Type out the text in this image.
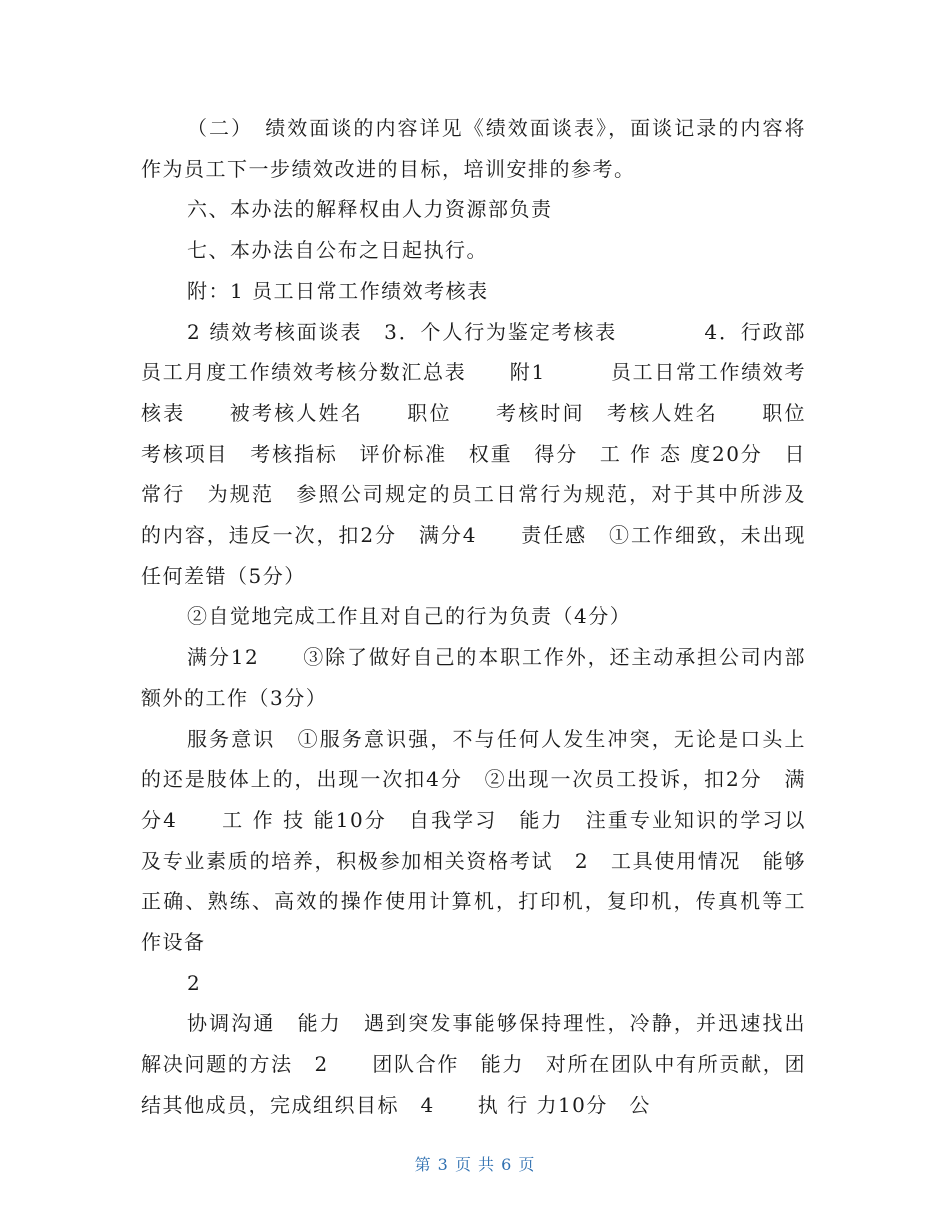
（二）　绩效面谈的内容详见《绩效面谈表》，面谈记录的内容将作为员工下一步绩效改进的目标，培训安排的参考。

六、本办法的解释权由人力资源部负责

七、本办法自公布之日起执行。

附：1 员工日常工作绩效考核表

2 绩效考核面谈表　3．个人行为鉴定考核表　　　　4．行政部员工月度工作绩效考核分数汇总表　　附1　　　员工日常工作绩效考核表　　被考核人姓名　　职位　　考核时间　考核人姓名　　职位　　　考核项目　考核指标　评价标准　权重　得分　工 作 态 度20分　日常行　为规范　参照公司规定的员工日常行为规范，对于其中所涉及的内容，违反一次，扣2分　满分4　　责任感　①工作细致，未出现任何差错（5分）

②自觉地完成工作且对自己的行为负责（4分）

满分12　　③除了做好自己的本职工作外，还主动承担公司内部额外的工作（3分）

服务意识　①服务意识强，不与任何人发生冲突，无论是口头上的还是肢体上的，出现一次扣4分　②出现一次员工投诉，扣2分　满分4　　工 作 技 能10分　自我学习　能力　注重专业知识的学习以及专业素质的培养，积极参加相关资格考试　2　工具使用情况　能够正确、熟练、高效的操作使用计算机，打印机，复印机，传真机等工作设备

2

协调沟通　能力　遇到突发事能够保持理性，冷静，并迅速找出解决问题的方法　2　　团队合作　能力　对所在团队中有所贡献，团结其他成员，完成组织目标　4　　执 行 力10分　公

第 3 页 共 6 页
